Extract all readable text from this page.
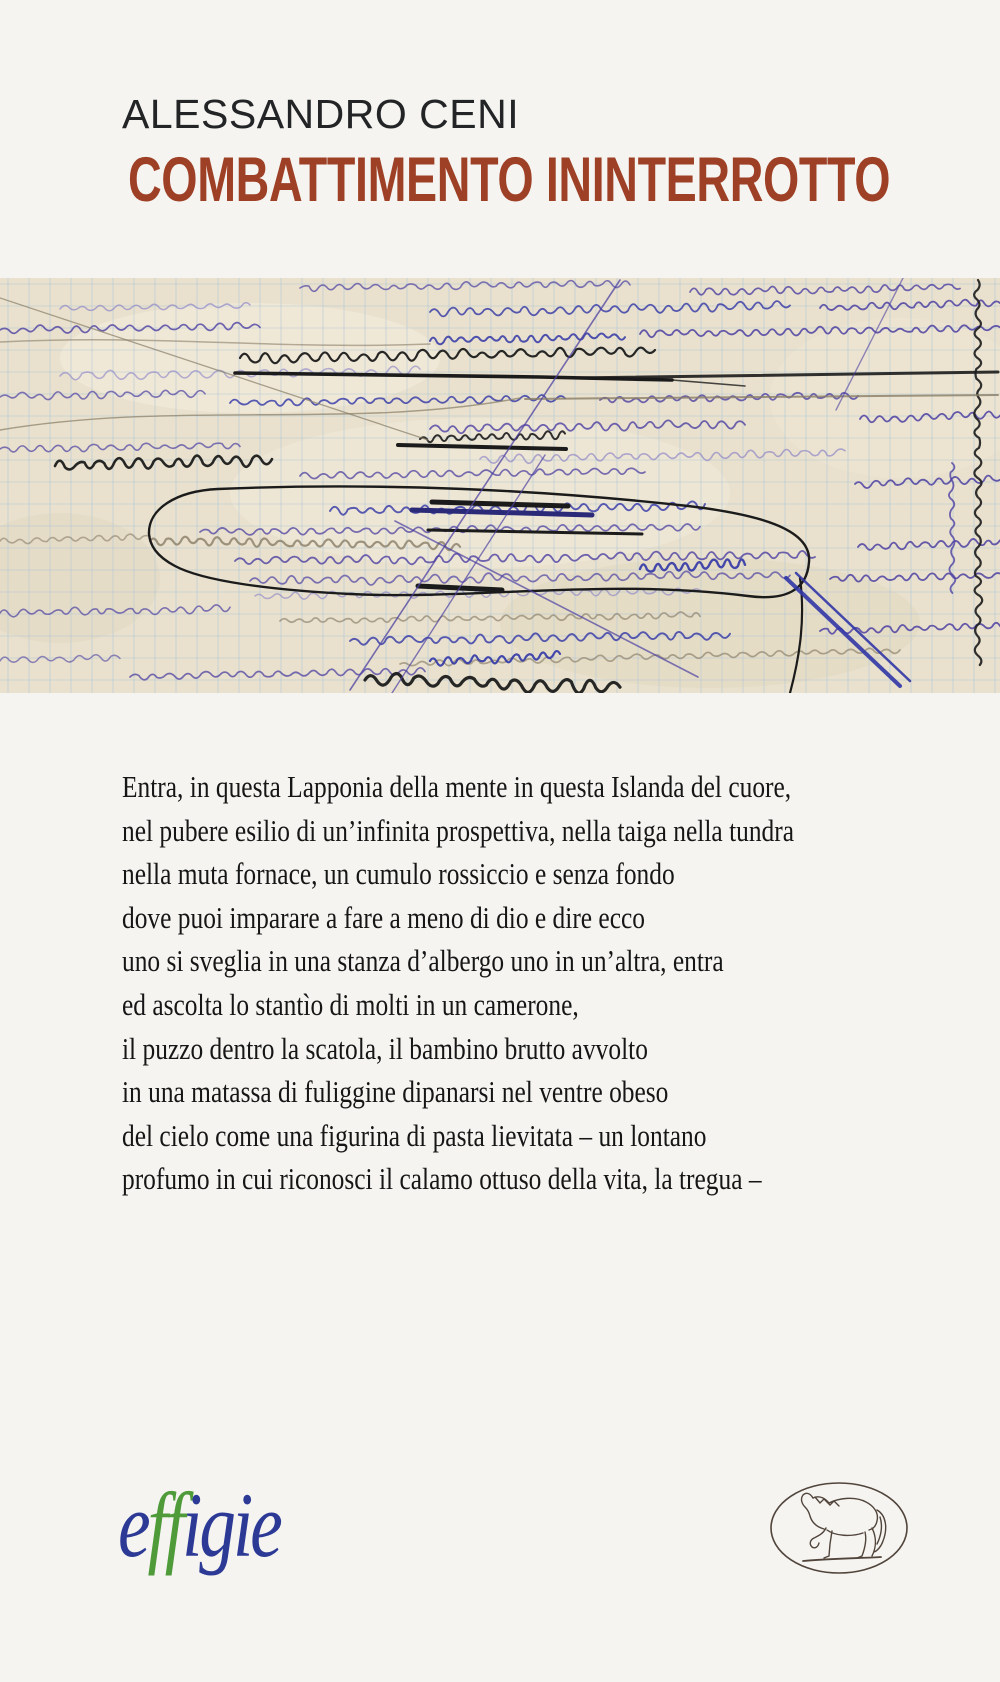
ALESSANDRO CENI
COMBATTIMENTO ININTERROTTO
Entra, in questa Lapponia della mente in questa Islanda del cuore,
nel pubere esilio di un’infinita prospettiva, nella taiga nella tundra
nella muta fornace, un cumulo rossiccio e senza fondo
dove puoi imparare a fare a meno di dio e dire ecco
uno si sveglia in una stanza d’albergo uno in un’altra, entra
ed ascolta lo stantìo di molti in un camerone,
il puzzo dentro la scatola, il bambino brutto avvolto
in una matassa di fuliggine dipanarsi nel ventre obeso
del cielo come una figurina di pasta lievitata – un lontano
profumo in cui riconosci il calamo ottuso della vita, la tregua –
effigie
